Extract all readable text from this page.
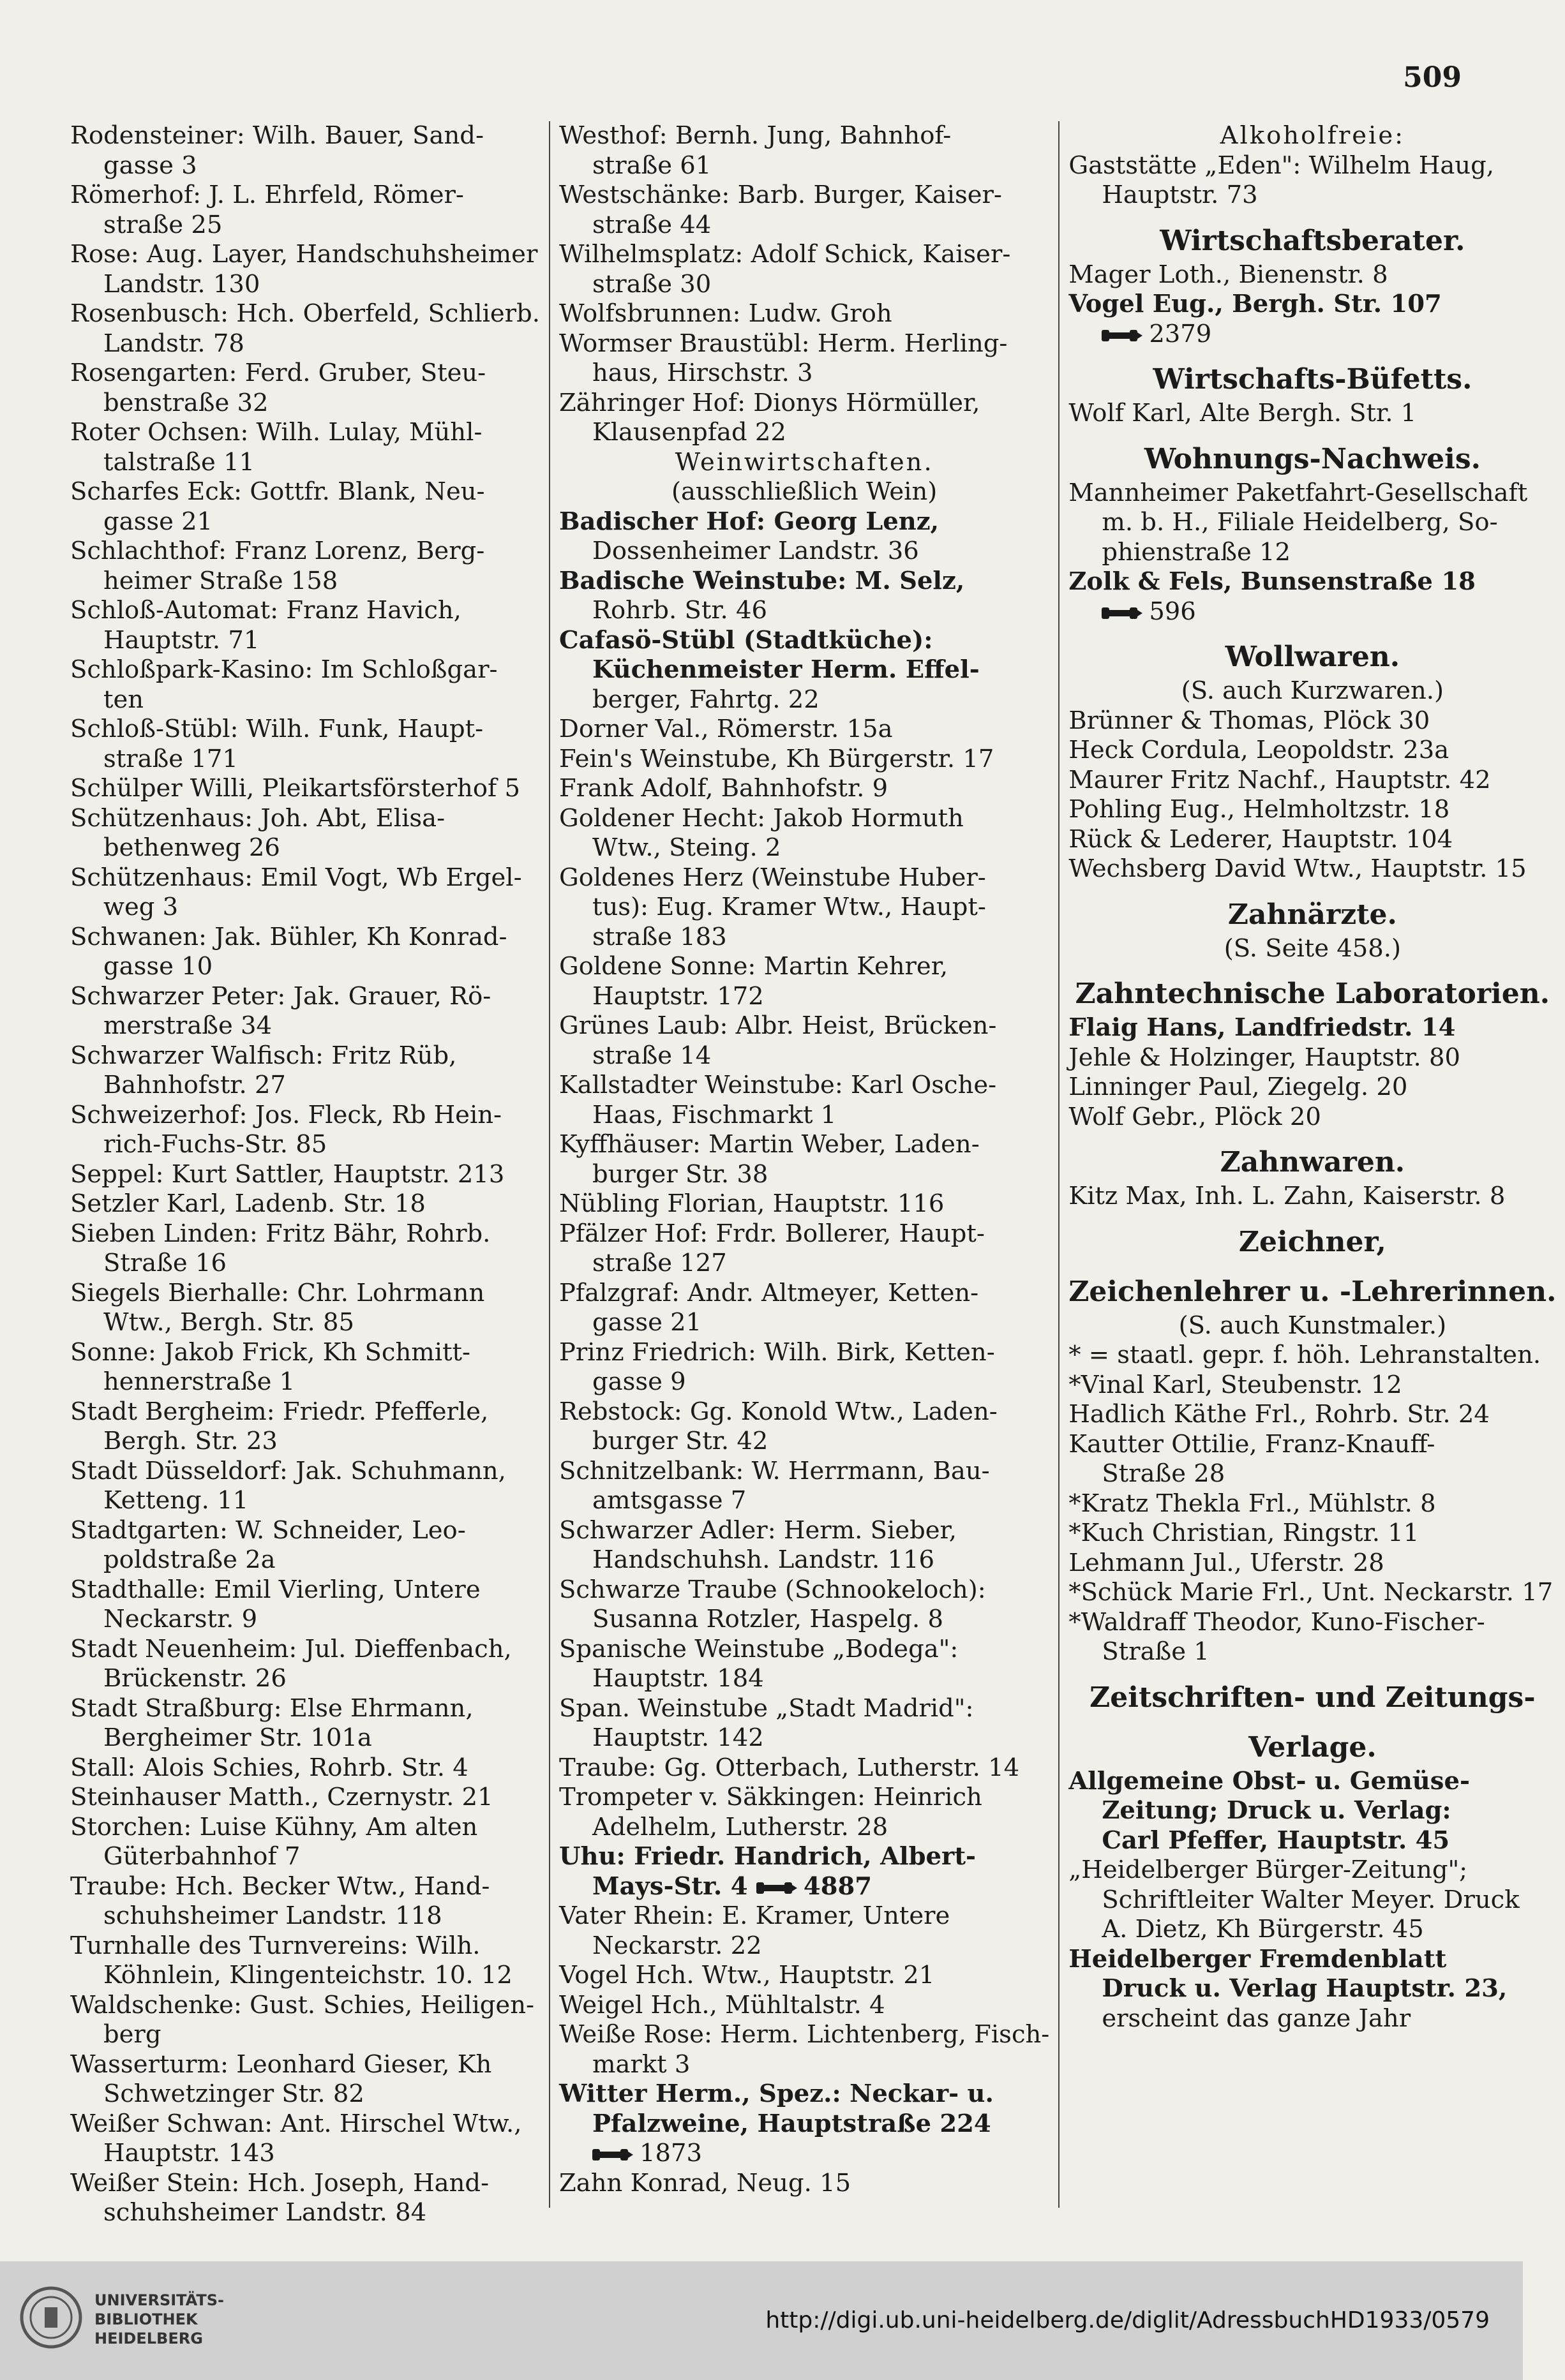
509
Rodensteiner: Wilh. Bauer, Sand-
gasse 3
Römerhof: J. L. Ehrfeld, Römer-
straße 25
Rose: Aug. Layer, Handschuhsheimer
Landstr. 130
Rosenbusch: Hch. Oberfeld, Schlierb.
Landstr. 78
Rosengarten: Ferd. Gruber, Steu-
benstraße 32
Roter Ochsen: Wilh. Lulay, Mühl-
talstraße 11
Scharfes Eck: Gottfr. Blank, Neu-
gasse 21
Schlachthof: Franz Lorenz, Berg-
heimer Straße 158
Schloß-Automat: Franz Havich,
Hauptstr. 71
Schloßpark-Kasino: Im Schloßgar-
ten
Schloß-Stübl: Wilh. Funk, Haupt-
straße 171
Schülper Willi, Pleikartsförsterhof 5
Schützenhaus: Joh. Abt, Elisa-
bethenweg 26
Schützenhaus: Emil Vogt, Wb Ergel-
weg 3
Schwanen: Jak. Bühler, Kh Konrad-
gasse 10
Schwarzer Peter: Jak. Grauer, Rö-
merstraße 34
Schwarzer Walfisch: Fritz Rüb,
Bahnhofstr. 27
Schweizerhof: Jos. Fleck, Rb Hein-
rich-Fuchs-Str. 85
Seppel: Kurt Sattler, Hauptstr. 213
Setzler Karl, Ladenb. Str. 18
Sieben Linden: Fritz Bähr, Rohrb.
Straße 16
Siegels Bierhalle: Chr. Lohrmann
Wtw., Bergh. Str. 85
Sonne: Jakob Frick, Kh Schmitt-
hennerstraße 1
Stadt Bergheim: Friedr. Pfefferle,
Bergh. Str. 23
Stadt Düsseldorf: Jak. Schuhmann,
Ketteng. 11
Stadtgarten: W. Schneider, Leo-
poldstraße 2a
Stadthalle: Emil Vierling, Untere
Neckarstr. 9
Stadt Neuenheim: Jul. Dieffenbach,
Brückenstr. 26
Stadt Straßburg: Else Ehrmann,
Bergheimer Str. 101a
Stall: Alois Schies, Rohrb. Str. 4
Steinhauser Matth., Czernystr. 21
Storchen: Luise Kühny, Am alten
Güterbahnhof 7
Traube: Hch. Becker Wtw., Hand-
schuhsheimer Landstr. 118
Turnhalle des Turnvereins: Wilh.
Köhnlein, Klingenteichstr. 10. 12
Waldschenke: Gust. Schies, Heiligen-
berg
Wasserturm: Leonhard Gieser, Kh
Schwetzinger Str. 82
Weißer Schwan: Ant. Hirschel Wtw.,
Hauptstr. 143
Weißer Stein: Hch. Joseph, Hand-
schuhsheimer Landstr. 84
Westhof: Bernh. Jung, Bahnhof-
straße 61
Westschänke: Barb. Burger, Kaiser-
straße 44
Wilhelmsplatz: Adolf Schick, Kaiser-
straße 30
Wolfsbrunnen: Ludw. Groh
Wormser Braustübl: Herm. Herling-
haus, Hirschstr. 3
Zähringer Hof: Dionys Hörmüller,
Klausenpfad 22
Weinwirtschaften.
(ausschließlich Wein)
Badischer Hof: Georg Lenz,
Dossenheimer Landstr. 36
Badische Weinstube: M. Selz,
Rohrb. Str. 46
Cafasö-Stübl (Stadtküche):
Küchenmeister Herm. Effel-
berger, Fahrtg. 22
Dorner Val., Römerstr. 15a
Fein's Weinstube, Kh Bürgerstr. 17
Frank Adolf, Bahnhofstr. 9
Goldener Hecht: Jakob Hormuth
Wtw., Steing. 2
Goldenes Herz (Weinstube Huber-
tus): Eug. Kramer Wtw., Haupt-
straße 183
Goldene Sonne: Martin Kehrer,
Hauptstr. 172
Grünes Laub: Albr. Heist, Brücken-
straße 14
Kallstadter Weinstube: Karl Osche-
Haas, Fischmarkt 1
Kyffhäuser: Martin Weber, Laden-
burger Str. 38
Nübling Florian, Hauptstr. 116
Pfälzer Hof: Frdr. Bollerer, Haupt-
straße 127
Pfalzgraf: Andr. Altmeyer, Ketten-
gasse 21
Prinz Friedrich: Wilh. Birk, Ketten-
gasse 9
Rebstock: Gg. Konold Wtw., Laden-
burger Str. 42
Schnitzelbank: W. Herrmann, Bau-
amtsgasse 7
Schwarzer Adler: Herm. Sieber,
Handschuhsh. Landstr. 116
Schwarze Traube (Schnookeloch):
Susanna Rotzler, Haspelg. 8
Spanische Weinstube „Bodega":
Hauptstr. 184
Span. Weinstube „Stadt Madrid":
Hauptstr. 142
Traube: Gg. Otterbach, Lutherstr. 14
Trompeter v. Säkkingen: Heinrich
Adelhelm, Lutherstr. 28
Uhu: Friedr. Handrich, Albert-
Mays-Str. 4 4887
Vater Rhein: E. Kramer, Untere
Neckarstr. 22
Vogel Hch. Wtw., Hauptstr. 21
Weigel Hch., Mühltalstr. 4
Weiße Rose: Herm. Lichtenberg, Fisch-
markt 3
Witter Herm., Spez.: Neckar- u.
Pfalzweine, Hauptstraße 224
1873
Zahn Konrad, Neug. 15
Alkoholfreie:
Gaststätte „Eden": Wilhelm Haug,
Hauptstr. 73
Wirtschaftsberater.
Mager Loth., Bienenstr. 8
Vogel Eug., Bergh. Str. 107
2379
Wirtschafts-Büfetts.
Wolf Karl, Alte Bergh. Str. 1
Wohnungs-Nachweis.
Mannheimer Paketfahrt-Gesellschaft
m. b. H., Filiale Heidelberg, So-
phienstraße 12
Zolk & Fels, Bunsenstraße 18
596
Wollwaren.
(S. auch Kurzwaren.)
Brünner & Thomas, Plöck 30
Heck Cordula, Leopoldstr. 23a
Maurer Fritz Nachf., Hauptstr. 42
Pohling Eug., Helmholtzstr. 18
Rück & Lederer, Hauptstr. 104
Wechsberg David Wtw., Hauptstr. 15
Zahnärzte.
(S. Seite 458.)
Zahntechnische Laboratorien.
Flaig Hans, Landfriedstr. 14
Jehle & Holzinger, Hauptstr. 80
Linninger Paul, Ziegelg. 20
Wolf Gebr., Plöck 20
Zahnwaren.
Kitz Max, Inh. L. Zahn, Kaiserstr. 8
Zeichner,
Zeichenlehrer u. -Lehrerinnen.
(S. auch Kunstmaler.)
* = staatl. gepr. f. höh. Lehranstalten.
*Vinal Karl, Steubenstr. 12
Hadlich Käthe Frl., Rohrb. Str. 24
Kautter Ottilie, Franz-Knauff-
Straße 28
*Kratz Thekla Frl., Mühlstr. 8
*Kuch Christian, Ringstr. 11
Lehmann Jul., Uferstr. 28
*Schück Marie Frl., Unt. Neckarstr. 17
*Waldraff Theodor, Kuno-Fischer-
Straße 1
Zeitschriften- und Zeitungs-
Verlage.
Allgemeine Obst- u. Gemüse-
Zeitung; Druck u. Verlag:
Carl Pfeffer, Hauptstr. 45
„Heidelberger Bürger-Zeitung";
Schriftleiter Walter Meyer. Druck
A. Dietz, Kh Bürgerstr. 45
Heidelberger Fremdenblatt
Druck u. Verlag Hauptstr. 23,
erscheint das ganze Jahr
UNIVERSITÄTS-
BIBLIOTHEK
HEIDELBERG
http://digi.ub.uni-heidelberg.de/diglit/AdressbuchHD1933/0579
